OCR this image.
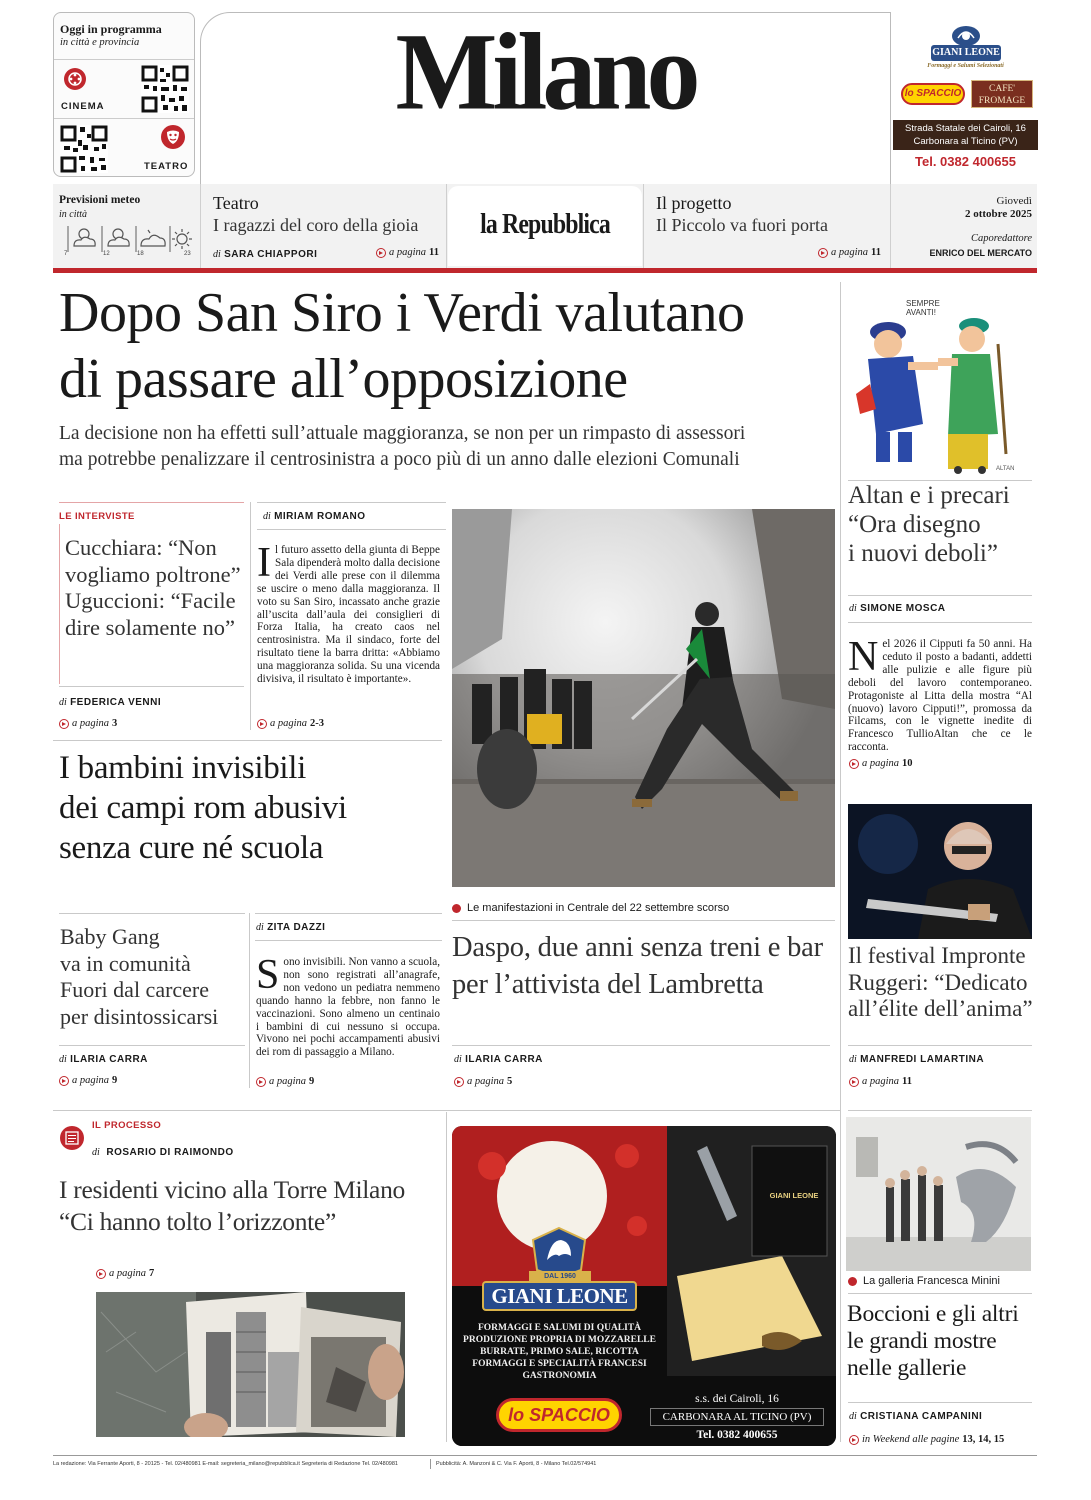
Oggi in programma
in città e provincia
CINEMA
TEATRO
Milano	GIANI LEONE
Formaggi e Salumi Selezionati
lo SPACCIO	CAFE' FROMAGE
Strada Statale dei Cairoli, 16
Carbonara al Ticino (PV)
Tel. 0382 400655
Previsioni meteo
in città
7	12	18	23
Teatro
I ragazzi del coro della gioia
di SARA CHIAPPORI	a pagina 11
la Repubblica
Il progetto
Il Piccolo va fuori porta
a pagina 11
Giovedì
2 ottobre 2025
Caporedattore
ENRICO DEL MERCATO
Dopo San Siro i Verdi valutano
di passare all’opposizione
La decisione non ha effetti sull’attuale maggioranza, se non per un rimpasto di assessori
ma potrebbe penalizzare il centrosinistra a poco più di un anno dalle elezioni Comunali
LE INTERVISTE
Cucchiara: “Non
vogliamo poltrone”
Uguccioni: “Facile
dire solamente no”
di FEDERICA VENNI
a pagina 3
di MIRIAM ROMANO
Il futuro assetto della giunta di Beppe Sala dipenderà molto dalla decisione dei Verdi alle prese con il dilemma se uscire o meno dalla maggioranza. Il voto su San Siro, incassato anche grazie all’uscita dall’aula dei consiglieri di Forza Italia, ha creato caos nel centrosinistra. Ma il sindaco, forte del risultato tiene la barra dritta: «Abbiamo una maggioranza solida. Su una vicenda divisiva, il risultato è importante».
a pagina 2-3
I bambini invisibili
dei campi rom abusivi
senza cure né scuola
Baby Gang
va in comunità
Fuori dal carcere
per disintossicarsi
di ILARIA CARRA
a pagina 9
di ZITA DAZZI
Sono invisibili. Non vanno a scuola, non sono registrati all’anagrafe, non vedono un pediatra nemmeno quando hanno la febbre, non fanno le vaccinazioni. Sono almeno un centinaio i bambini di cui nessuno si occupa. Vivono nei pochi accampamenti abusivi dei rom di passaggio a Milano.
a pagina 9
Le manifestazioni in Centrale del 22 settembre scorso
Daspo, due anni senza treni e bar
per l’attivista del Lambretta
di ILARIA CARRA
a pagina 5
IL PROCESSO
di ROSARIO DI RAIMONDO
I residenti vicino alla Torre Milano
“Ci hanno tolto l’orizzonte”
a pagina 7
GIANI LEONE
DAL 1960
GIANI LEONE
FORMAGGI E SALUMI DI QUALITÀ
PRODUZIONE PROPRIA DI MOZZARELLE
BURRATE, PRIMO SALE, RICOTTA
FORMAGGI E SPECIALITÀ FRANCESI
GASTRONOMIA
lo SPACCIO
s.s. dei Cairoli, 16
CARBONARA AL TICINO (PV)
Tel. 0382 400655
SEMPRE
AVANTI!
ALTAN
Altan e i precari
“Ora disegno
i nuovi deboli”
di SIMONE MOSCA
Nel 2026 il Cipputi fa 50 anni. Ha ceduto il posto a badanti, addetti alle pulizie e alle figure più deboli del lavoro contemporaneo. Protagoniste al Litta della mostra “Al (nuovo) lavoro Cipputi!”, promossa da Filcams, con le vignette inedite di Francesco TullioAltan che ce le racconta.
a pagina 10
Il festival Impronte
Ruggeri: “Dedicato
all’élite dell’anima”
di MANFREDI LAMARTINA
a pagina 11
La galleria Francesca Minini
Boccioni e gli altri
le grandi mostre
nelle gallerie
di CRISTIANA CAMPANINI
in Weekend alle pagine 13, 14, 15
La redazione: Via Ferrante Aporti, 8 - 20125 - Tel. 02/480981 E-mail: segreteria_milano@repubblica.it Segreteria di Redazione Tel. 02/480981	Pubblicità: A. Manzoni & C. Via F. Aporti, 8 - Milano Tel.02/574941
